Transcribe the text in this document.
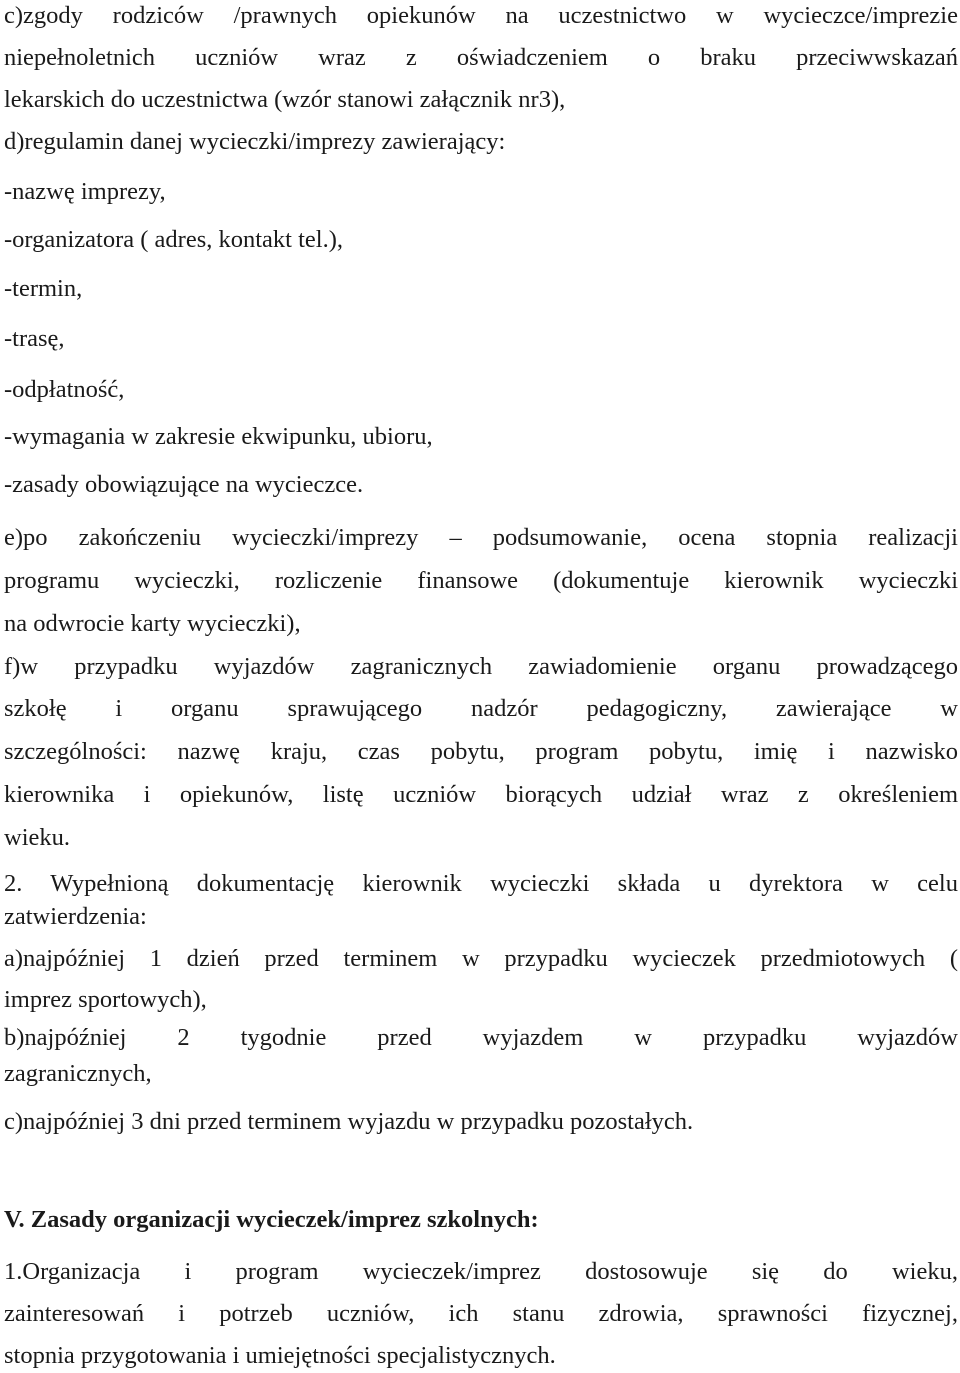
c)zgody rodziców /prawnych opiekunów na uczestnictwo w wycieczce/imprezie
niepełnoletnich uczniów wraz z oświadczeniem o braku przeciwwskazań
lekarskich do uczestnictwa (wzór stanowi załącznik nr3),
d)regulamin danej wycieczki/imprezy zawierający:
-nazwę imprezy,
-organizatora ( adres, kontakt tel.),
-termin,
-trasę,
-odpłatność,
-wymagania w zakresie ekwipunku, ubioru,
-zasady obowiązujące na wycieczce.
e)po zakończeniu wycieczki/imprezy – podsumowanie, ocena stopnia realizacji
programu wycieczki, rozliczenie finansowe (dokumentuje kierownik wycieczki
na odwrocie karty wycieczki),
f)w przypadku wyjazdów zagranicznych zawiadomienie organu prowadzącego
szkołę i organu sprawującego nadzór pedagogiczny, zawierające w
szczególności: nazwę kraju, czas pobytu, program pobytu, imię i nazwisko
kierownika i opiekunów, listę uczniów biorących udział wraz z określeniem
wieku.
2. Wypełnioną dokumentację kierownik wycieczki składa u dyrektora w celu
zatwierdzenia:
a)najpóźniej 1 dzień przed terminem w przypadku wycieczek przedmiotowych (
imprez sportowych),
b)najpóźniej 2 tygodnie przed wyjazdem w przypadku wyjazdów
zagranicznych,
c)najpóźniej 3 dni przed terminem wyjazdu w przypadku pozostałych.
V. Zasady organizacji wycieczek/imprez szkolnych:
1.Organizacja i program wycieczek/imprez dostosowuje się do wieku,
zainteresowań i potrzeb uczniów, ich stanu zdrowia, sprawności fizycznej,
stopnia przygotowania i umiejętności specjalistycznych.
